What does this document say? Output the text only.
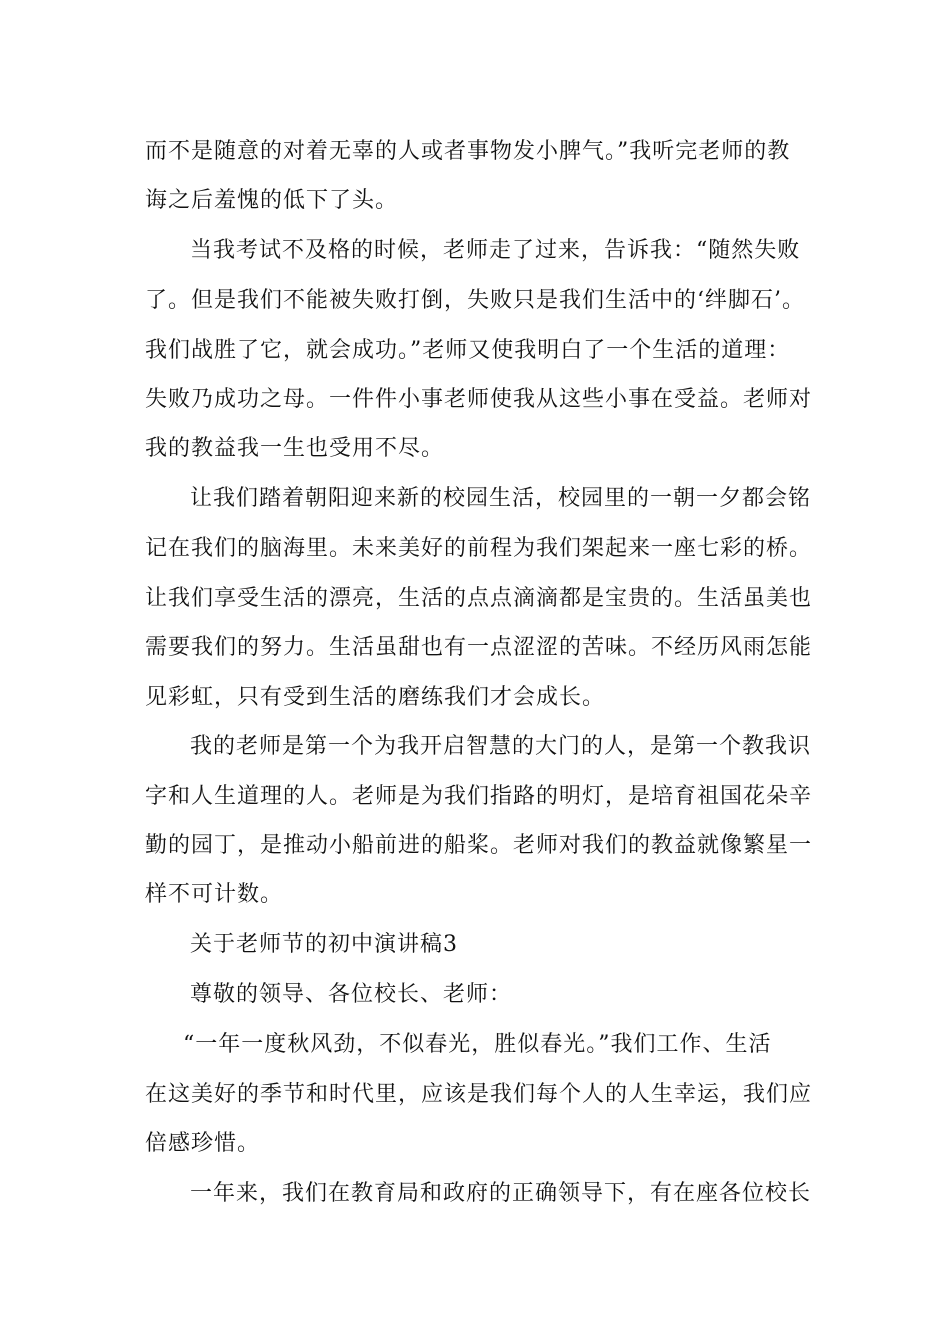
而不是随意的对着无辜的人或者事物发小脾气。”我听完老师的教
诲之后羞愧的低下了头。
当我考试不及格的时候，老师走了过来，告诉我：“随然失败
了。但是我们不能被失败打倒，失败只是我们生活中的‘绊脚石’。
我们战胜了它，就会成功。”老师又使我明白了一个生活的道理：
失败乃成功之母。一件件小事老师使我从这些小事在受益。老师对
我的教益我一生也受用不尽。
让我们踏着朝阳迎来新的校园生活，校园里的一朝一夕都会铭
记在我们的脑海里。未来美好的前程为我们架起来一座七彩的桥。
让我们享受生活的漂亮，生活的点点滴滴都是宝贵的。生活虽美也
需要我们的努力。生活虽甜也有一点涩涩的苦味。不经历风雨怎能
见彩虹，只有受到生活的磨练我们才会成长。
我的老师是第一个为我开启智慧的大门的人，是第一个教我识
字和人生道理的人。老师是为我们指路的明灯，是培育祖国花朵辛
勤的园丁，是推动小船前进的船桨。老师对我们的教益就像繁星一
样不可计数。
关于老师节的初中演讲稿3
尊敬的领导、各位校长、老师：
“一年一度秋风劲，不似春光，胜似春光。”我们工作、生活
在这美好的季节和时代里，应该是我们每个人的人生幸运，我们应
倍感珍惜。
一年来，我们在教育局和政府的正确领导下，有在座各位校长
